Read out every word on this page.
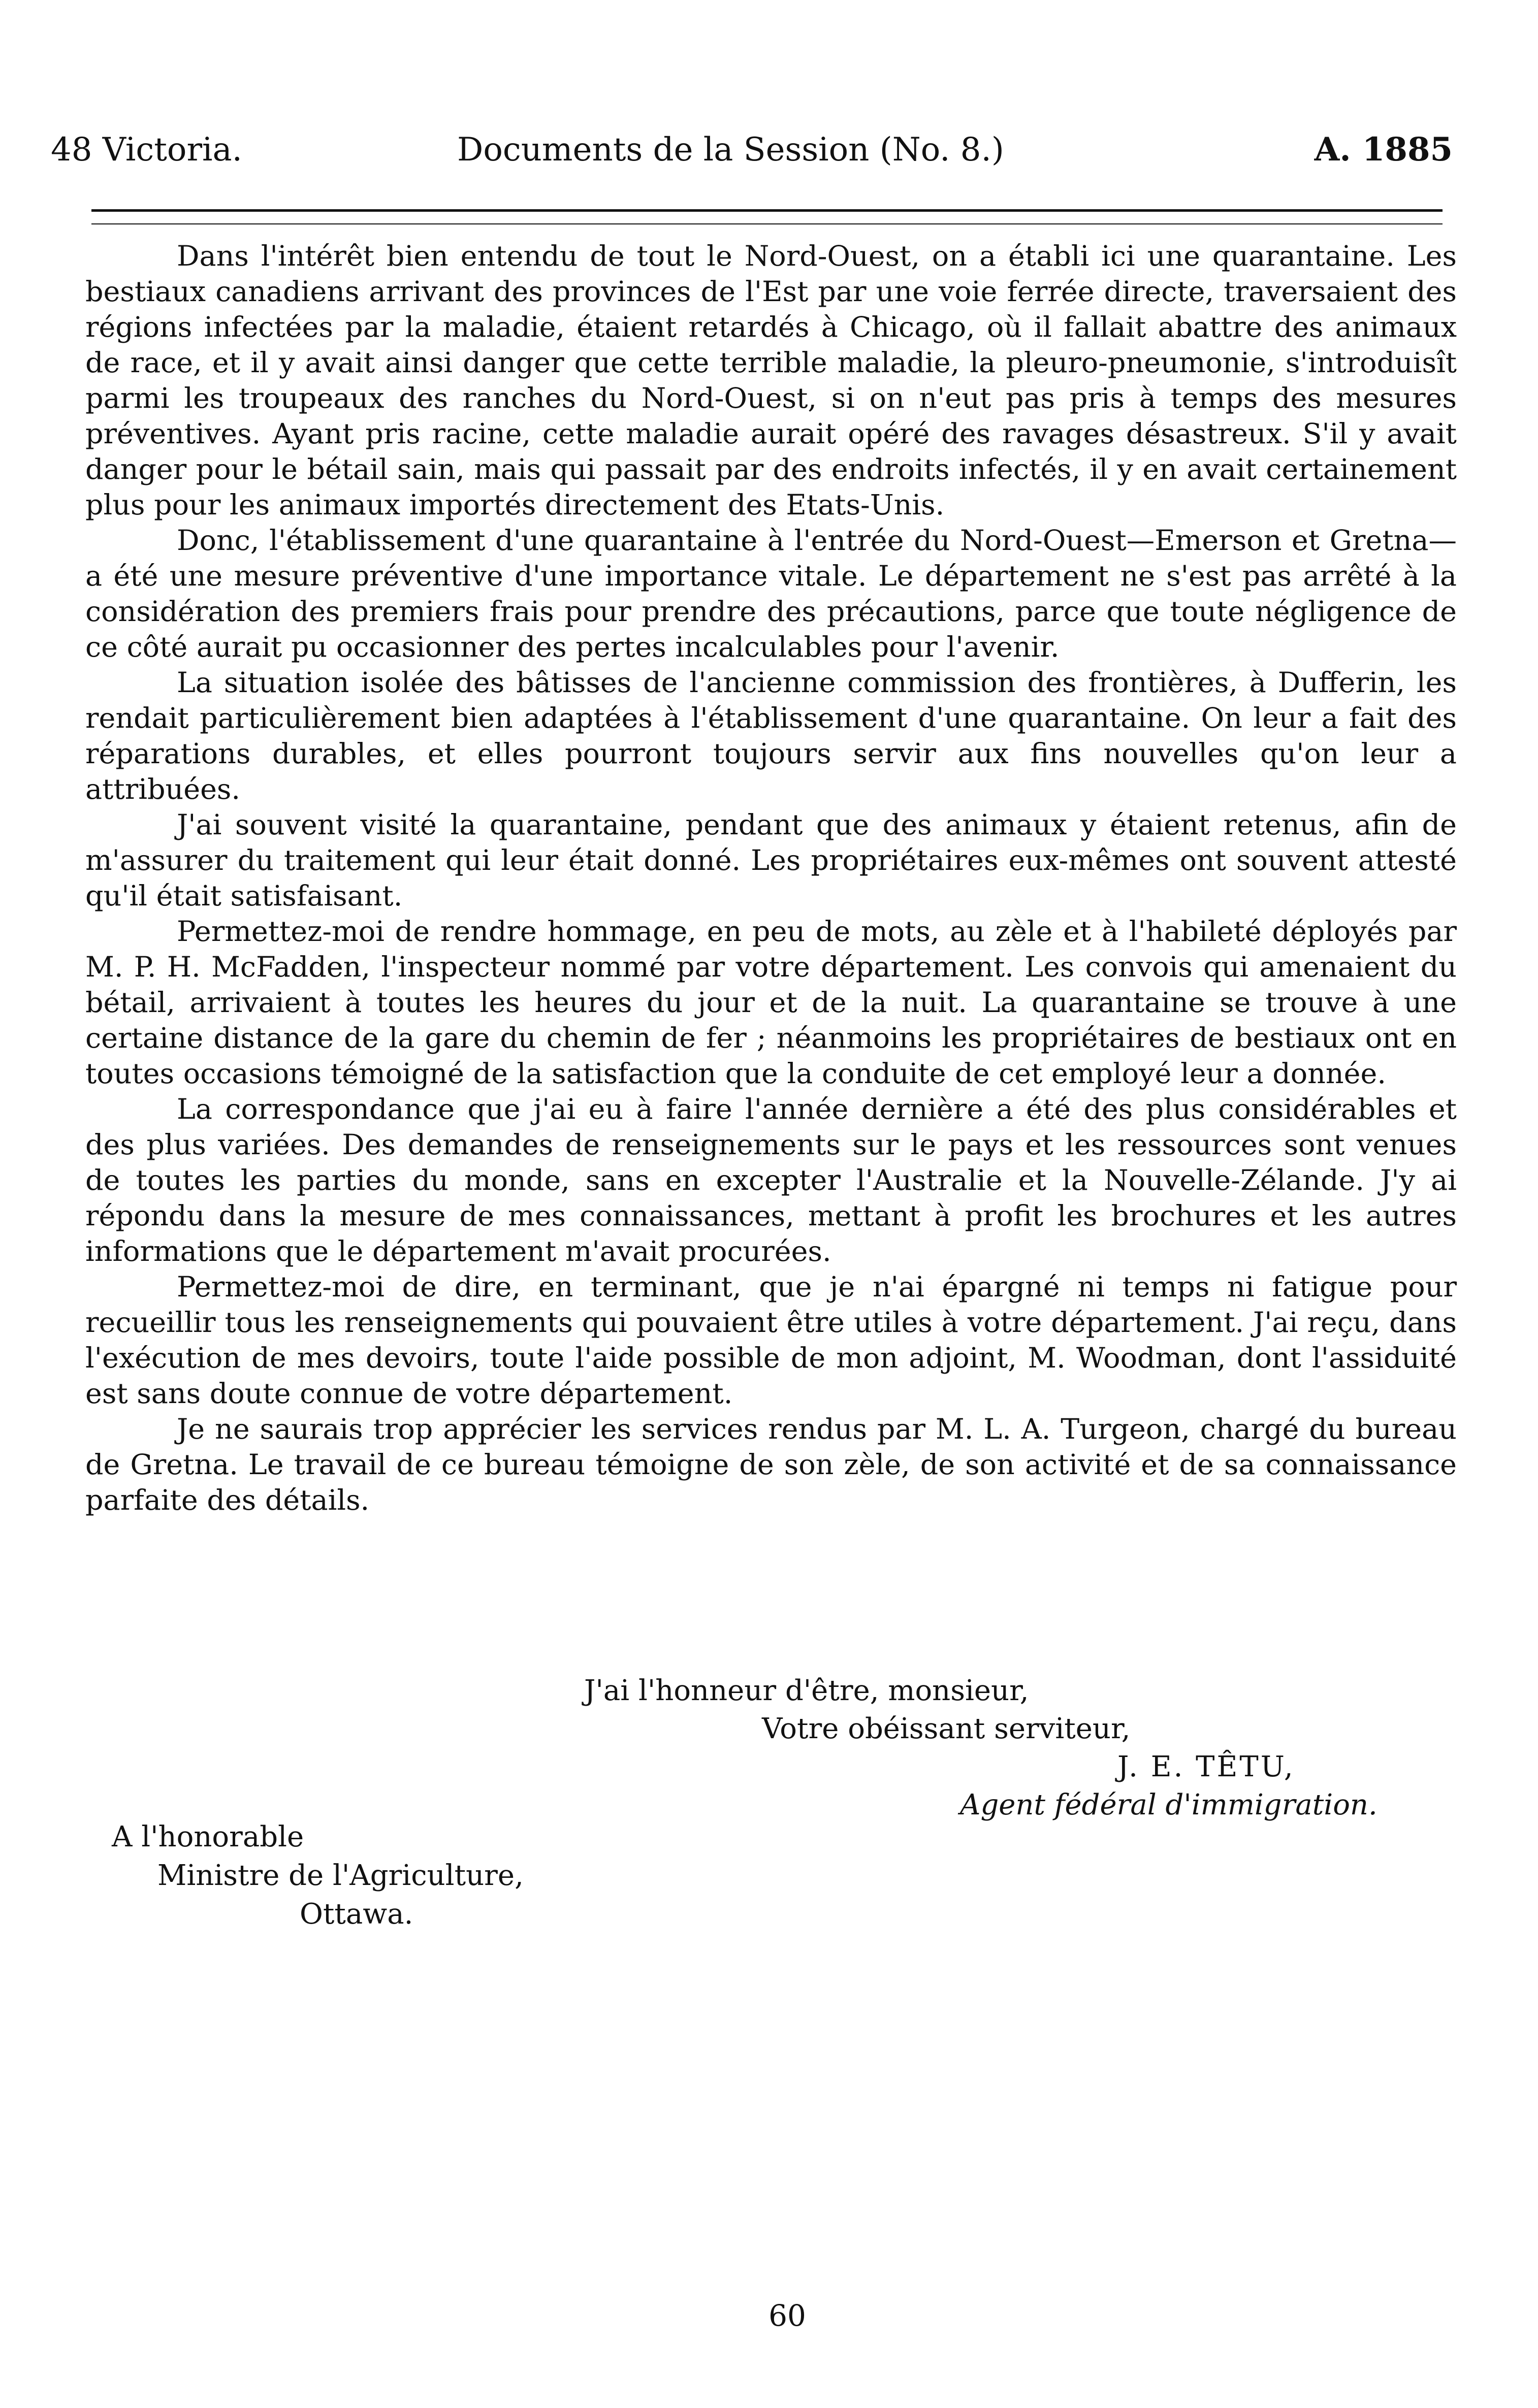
48 Victoria.	Documents de la Session (No. 8.)	A. 1885

Dans l'intérêt bien entendu de tout le Nord-Ouest, on a établi ici une quarantaine. Les bestiaux canadiens arrivant des provinces de l'Est par une voie ferrée directe, traversaient des régions infectées par la maladie, étaient retardés à Chicago, où il fallait abattre des animaux de race, et il y avait ainsi danger que cette terrible maladie, la pleuro-pneumonie, s'introduisît parmi les troupeaux des ranches du Nord-Ouest, si on n'eut pas pris à temps des mesures préventives. Ayant pris racine, cette maladie aurait opéré des ravages désastreux. S'il y avait danger pour le bétail sain, mais qui passait par des endroits infectés, il y en avait certainement plus pour les animaux importés directement des Etats-Unis.

Donc, l'établissement d'une quarantaine à l'entrée du Nord-Ouest—Emerson et Gretna—a été une mesure préventive d'une importance vitale. Le département ne s'est pas arrêté à la considération des premiers frais pour prendre des précautions, parce que toute négligence de ce côté aurait pu occasionner des pertes incalculables pour l'avenir.

La situation isolée des bâtisses de l'ancienne commission des frontières, à Dufferin, les rendait particulièrement bien adaptées à l'établissement d'une quarantaine. On leur a fait des réparations durables, et elles pourront toujours servir aux fins nouvelles qu'on leur a attribuées.

J'ai souvent visité la quarantaine, pendant que des animaux y étaient retenus, afin de m'assurer du traitement qui leur était donné. Les propriétaires eux-mêmes ont souvent attesté qu'il était satisfaisant.

Permettez-moi de rendre hommage, en peu de mots, au zèle et à l'habileté déployés par M. P. H. McFadden, l'inspecteur nommé par votre département. Les convois qui amenaient du bétail, arrivaient à toutes les heures du jour et de la nuit. La quarantaine se trouve à une certaine distance de la gare du chemin de fer ; néanmoins les propriétaires de bestiaux ont en toutes occasions témoigné de la satisfaction que la conduite de cet employé leur a donnée.

La correspondance que j'ai eu à faire l'année dernière a été des plus considérables et des plus variées. Des demandes de renseignements sur le pays et les ressources sont venues de toutes les parties du monde, sans en excepter l'Australie et la Nouvelle-Zélande. J'y ai répondu dans la mesure de mes connaissances, mettant à profit les brochures et les autres informations que le département m'avait procurées.

Permettez-moi de dire, en terminant, que je n'ai épargné ni temps ni fatigue pour recueillir tous les renseignements qui pouvaient être utiles à votre département. J'ai reçu, dans l'exécution de mes devoirs, toute l'aide possible de mon adjoint, M. Woodman, dont l'assiduité est sans doute connue de votre département.

Je ne saurais trop apprécier les services rendus par M. L. A. Turgeon, chargé du bureau de Gretna. Le travail de ce bureau témoigne de son zèle, de son activité et de sa connaissance parfaite des détails.

J'ai l'honneur d'être, monsieur,
Votre obéissant serviteur,
J. E. TÊTU,
Agent fédéral d'immigration.
A l'honorable
Ministre de l'Agriculture,
Ottawa.
60
